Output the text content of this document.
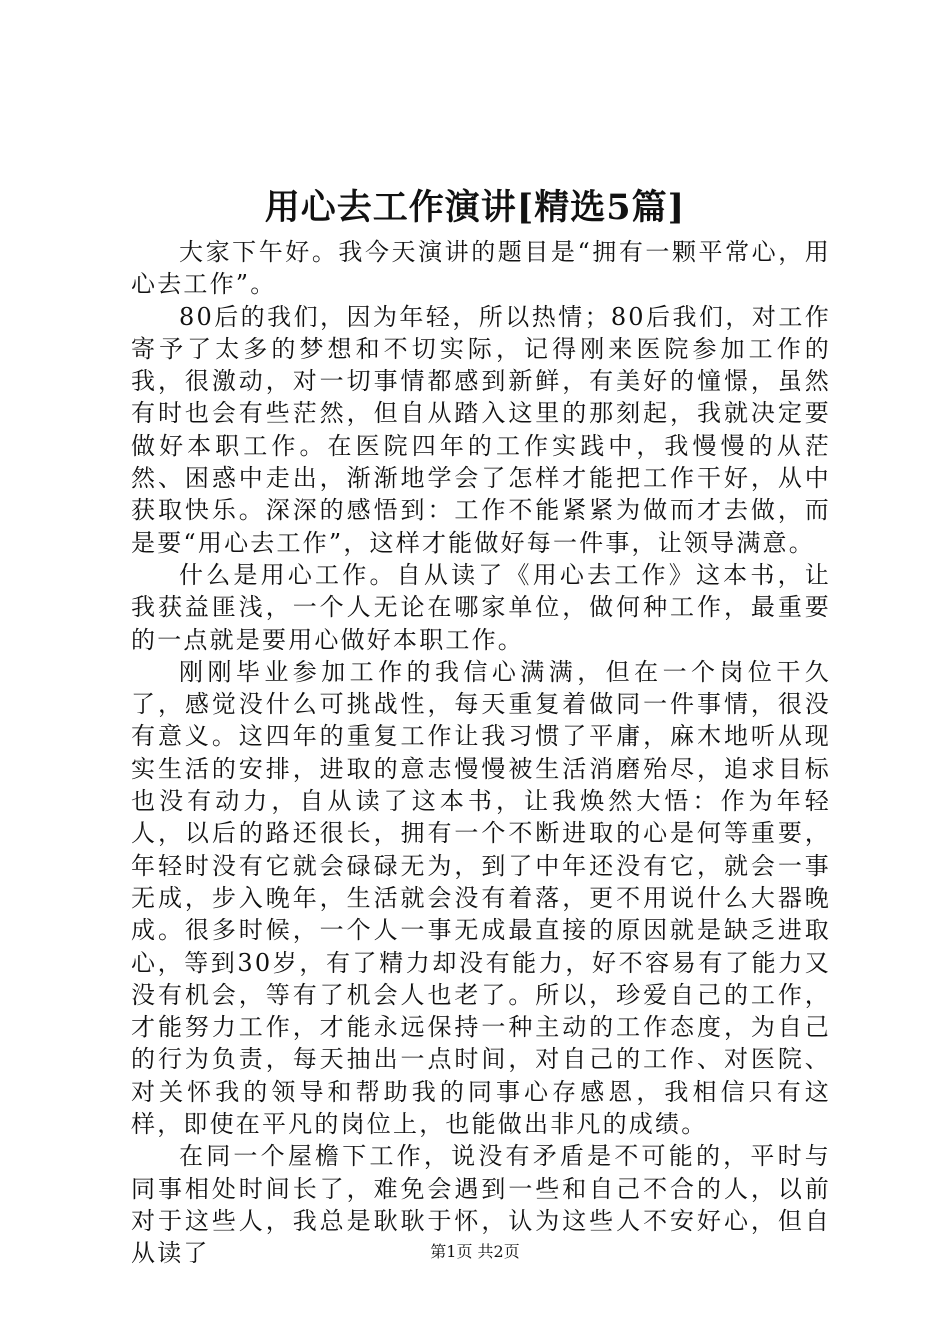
用心去工作演讲[精选5篇]

大家下午好。我今天演讲的题目是“拥有一颗平常心，用心去工作”。

80后的我们，因为年轻，所以热情；80后我们，对工作寄予了太多的梦想和不切实际，记得刚来医院参加工作的我，很激动，对一切事情都感到新鲜，有美好的憧憬，虽然有时也会有些茫然，但自从踏入这里的那刻起，我就决定要做好本职工作。在医院四年的工作实践中，我慢慢的从茫然、困惑中走出，渐渐地学会了怎样才能把工作干好，从中获取快乐。深深的感悟到：工作不能紧紧为做而才去做，而是要“用心去工作”，这样才能做好每一件事，让领导满意。

什么是用心工作。自从读了《用心去工作》这本书，让我获益匪浅，一个人无论在哪家单位，做何种工作，最重要的一点就是要用心做好本职工作。

刚刚毕业参加工作的我信心满满，但在一个岗位干久了，感觉没什么可挑战性，每天重复着做同一件事情，很没有意义。这四年的重复工作让我习惯了平庸，麻木地听从现实生活的安排，进取的意志慢慢被生活消磨殆尽，追求目标也没有动力，自从读了这本书，让我焕然大悟：作为年轻人，以后的路还很长，拥有一个不断进取的心是何等重要，年轻时没有它就会碌碌无为，到了中年还没有它，就会一事无成，步入晚年，生活就会没有着落，更不用说什么大器晚成。很多时候，一个人一事无成最直接的原因就是缺乏进取心，等到30岁，有了精力却没有能力，好不容易有了能力又没有机会，等有了机会人也老了。所以，珍爱自己的工作，才能努力工作，才能永远保持一种主动的工作态度，为自己的行为负责，每天抽出一点时间，对自己的工作、对医院、对关怀我的领导和帮助我的同事心存感恩，我相信只有这样，即使在平凡的岗位上，也能做出非凡的成绩。

在同一个屋檐下工作，说没有矛盾是不可能的，平时与同事相处时间长了，难免会遇到一些和自己不合的人，以前对于这些人，我总是耿耿于怀，认为这些人不安好心，但自从读了	第1页 共2页
